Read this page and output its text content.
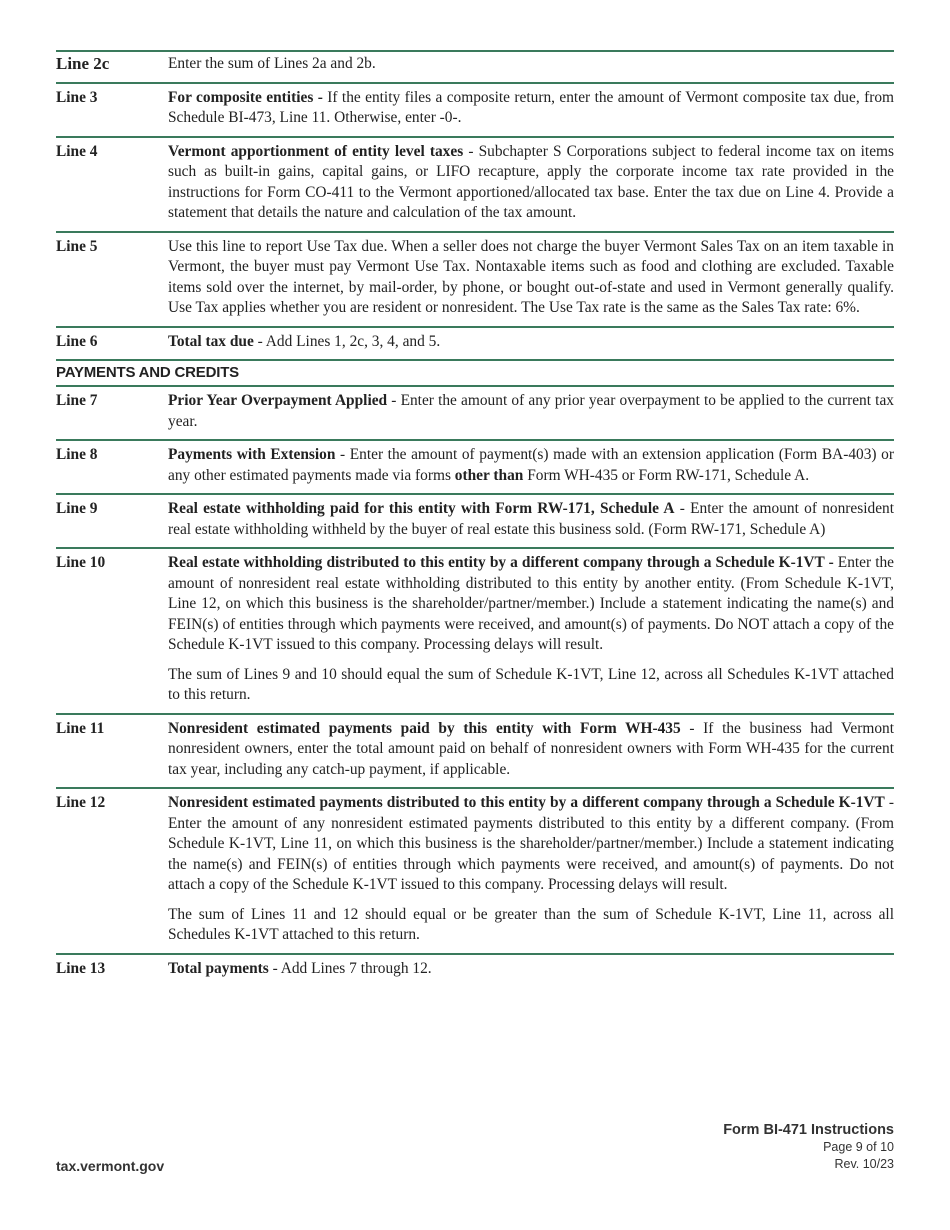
Line 2c	Enter the sum of Lines 2a and 2b.

Line 3	For composite entities - If the entity files a composite return, enter the amount of Vermont composite tax due, from Schedule BI-473, Line 11. Otherwise, enter -0-.

Line 4	Vermont apportionment of entity level taxes - Subchapter S Corporations subject to federal income tax on items such as built-in gains, capital gains, or LIFO recapture, apply the corporate income tax rate provided in the instructions for Form CO-411 to the Vermont apportioned/allocated tax base. Enter the tax due on Line 4. Provide a statement that details the nature and calculation of the tax amount.

Line 5	Use this line to report Use Tax due. When a seller does not charge the buyer Vermont Sales Tax on an item taxable in Vermont, the buyer must pay Vermont Use Tax. Nontaxable items such as food and clothing are excluded. Taxable items sold over the internet, by mail-order, by phone, or bought out-of-state and used in Vermont generally qualify. Use Tax applies whether you are resident or nonresident. The Use Tax rate is the same as the Sales Tax rate: 6%.

Line 6	Total tax due - Add Lines 1, 2c, 3, 4, and 5.

PAYMENTS AND CREDITS
Line 7	Prior Year Overpayment Applied - Enter the amount of any prior year overpayment to be applied to the current tax year.

Line 8	Payments with Extension - Enter the amount of payment(s) made with an extension application (Form BA-403) or any other estimated payments made via forms other than Form WH-435 or Form RW-171, Schedule A.

Line 9	Real estate withholding paid for this entity with Form RW-171, Schedule A - Enter the amount of nonresident real estate withholding withheld by the buyer of real estate this business sold. (Form RW-171, Schedule A)

Line 10	Real estate withholding distributed to this entity by a different company through a Schedule K-1VT - Enter the amount of nonresident real estate withholding distributed to this entity by another entity. (From Schedule K-1VT, Line 12, on which this business is the shareholder/partner/member.) Include a statement indicating the name(s) and FEIN(s) of entities through which payments were received, and amount(s) of payments. Do NOT attach a copy of the Schedule K-1VT issued to this company. Processing delays will result.

The sum of Lines 9 and 10 should equal the sum of Schedule K-1VT, Line 12, across all Schedules K-1VT attached to this return.

Line 11	Nonresident estimated payments paid by this entity with Form WH-435 - If the business had Vermont nonresident owners, enter the total amount paid on behalf of nonresident owners with Form WH-435 for the current tax year, including any catch-up payment, if applicable.

Line 12	Nonresident estimated payments distributed to this entity by a different company through a Schedule K-1VT - Enter the amount of any nonresident estimated payments distributed to this entity by a different company. (From Schedule K-1VT, Line 11, on which this business is the shareholder/partner/member.) Include a statement indicating the name(s) and FEIN(s) of entities through which payments were received, and amount(s) of payments. Do not attach a copy of the Schedule K-1VT issued to this company. Processing delays will result.

The sum of Lines 11 and 12 should equal or be greater than the sum of Schedule K-1VT, Line 11, across all Schedules K-1VT attached to this return.

Line 13	Total payments - Add Lines 7 through 12.

Form BI-471 Instructions
Page 9 of 10
Rev. 10/23
tax.vermont.gov
